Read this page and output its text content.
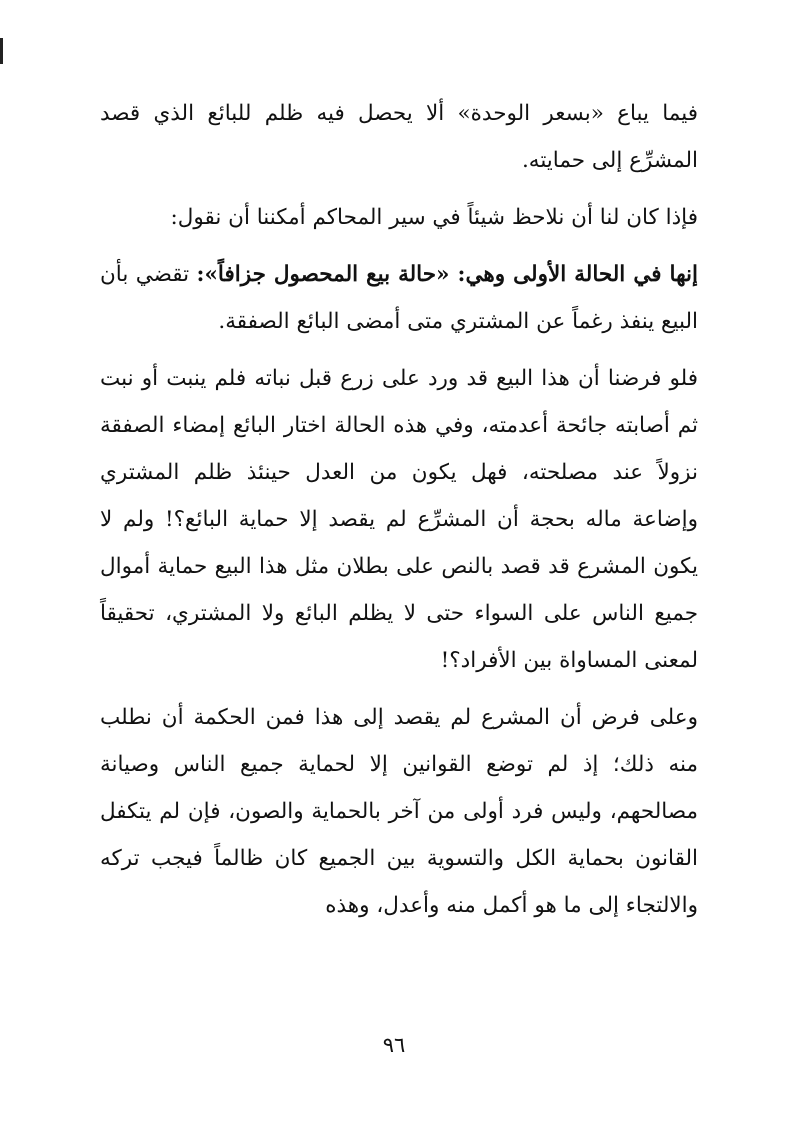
فيما يباع «بسعر الوحدة» ألا يحصل فيه ظلم للبائع الذي قصد المشرِّع إلى حمايته.

فإذا كان لنا أن نلاحظ شيئاً في سير المحاكم أمكننا أن نقول:

إنها في الحالة الأولى وهي: «حالة بيع المحصول جزافاً»: تقضي بأن البيع ينفذ رغماً عن المشتري متى أمضى البائع الصفقة.

فلو فرضنا أن هذا البيع قد ورد على زرع قبل نباته فلم ينبت أو نبت ثم أصابته جائحة أعدمته، وفي هذه الحالة اختار البائع إمضاء الصفقة نزولاً عند مصلحته، فهل يكون من العدل حينئذ ظلم المشتري وإضاعة ماله بحجة أن المشرِّع لم يقصد إلا حماية البائع؟! ولم لا يكون المشرع قد قصد بالنص على بطلان مثل هذا البيع حماية أموال جميع الناس على السواء حتى لا يظلم البائع ولا المشتري، تحقيقاً لمعنى المساواة بين الأفراد؟!

وعلى فرض أن المشرع لم يقصد إلى هذا فمن الحكمة أن نطلب منه ذلك؛ إذ لم توضع القوانين إلا لحماية جميع الناس وصيانة مصالحهم، وليس فرد أولى من آخر بالحماية والصون، فإن لم يتكفل القانون بحماية الكل والتسوية بين الجميع كان ظالماً فيجب تركه والالتجاء إلى ما هو أكمل منه وأعدل، وهذه

٩٦
